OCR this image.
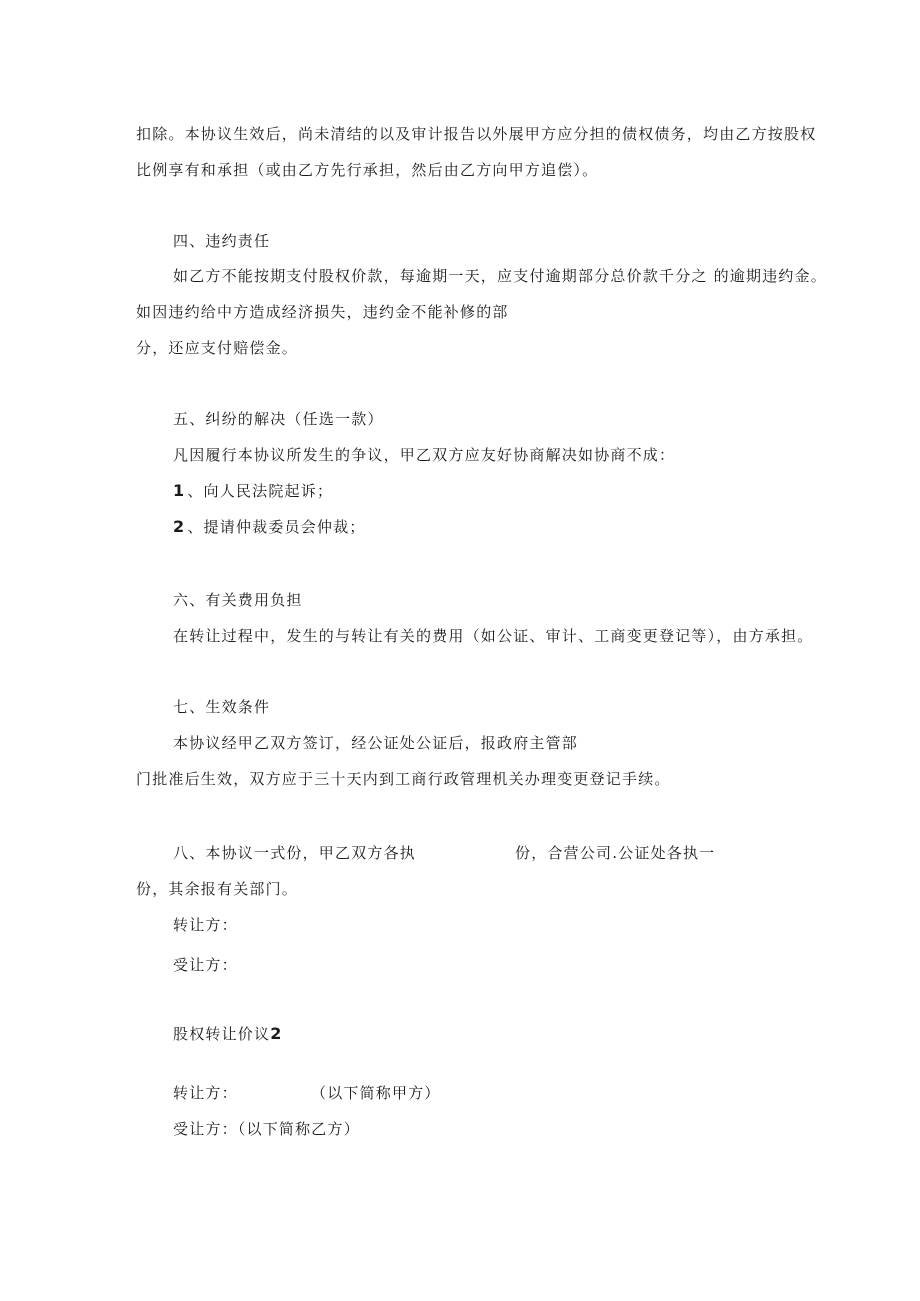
扣除。本协议生效后，尚未清结的以及审计报告以外展甲方应分担的债权债务，均由乙方按股权
比例享有和承担（或由乙方先行承担，然后由乙方向甲方追偿）。
四、违约责任
如乙方不能按期支付股权价款，每逾期一天，应支付逾期部分总价款千分之 的逾期违约金。
如因违约给中方造成经济损失，违约金不能补修的部
分，还应支付赔偿金。
五、纠纷的解决（任选一款）
凡因履行本协议所发生的争议，甲乙双方应友好协商解决如协商不成：
1 、向人民法院起诉；
2 、提请仲裁委员会仲裁；
六、有关费用负担
在转让过程中，发生的与转让有关的费用（如公证、审计、工商变更登记等），由方承担。
七、生效条件
本协议经甲乙双方签订，经公证处公证后，报政府主管部
门批准后生效，双方应于三十天内到工商行政管理机关办理变更登记手续。
八、本协议一式份，甲乙双方各执	份，合营公司.公证处各执一
份，其余报有关部门。
转让方：
受让方：
股权转让价议2
转让方：	（以下简称甲方）
受让方：（以下简称乙方）
